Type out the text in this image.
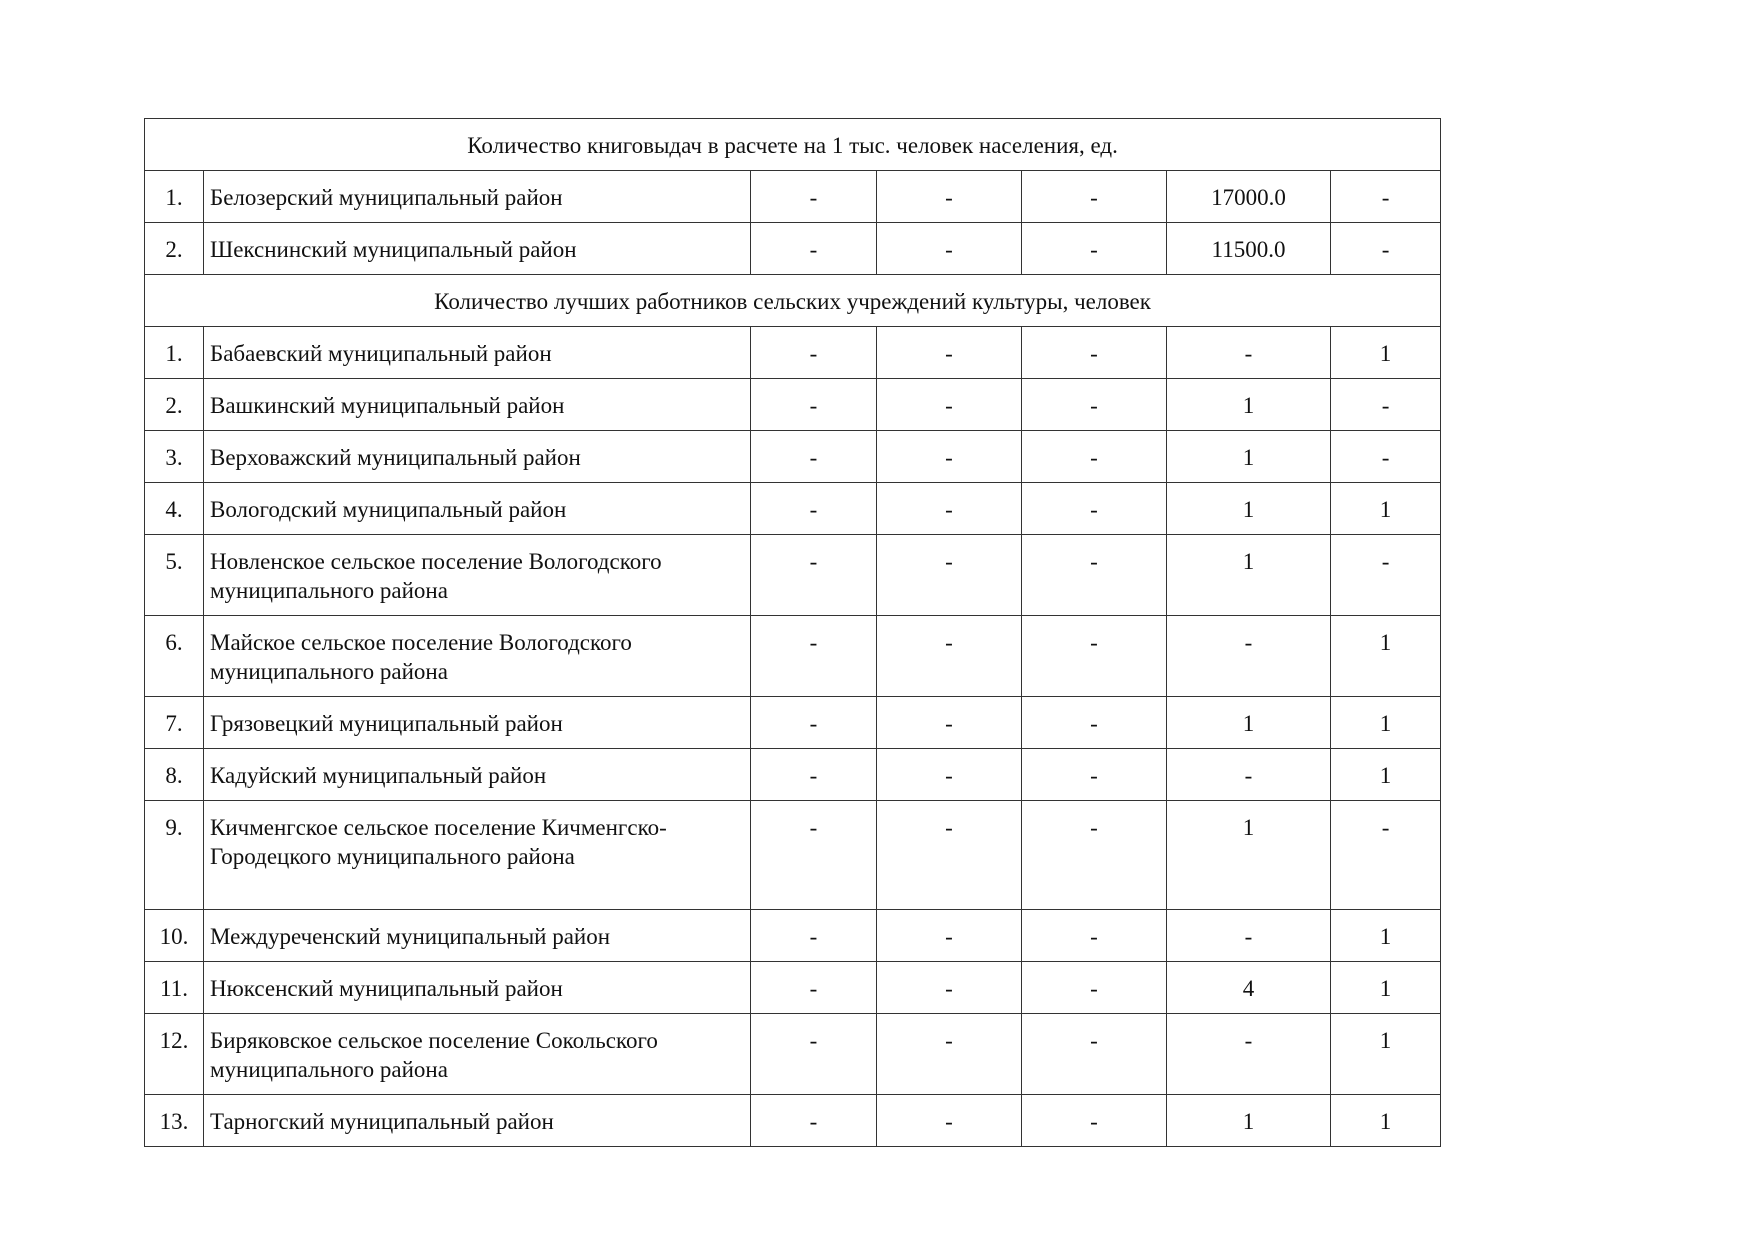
Количество книговыдач в расчете на 1 тыс. человек населения, ед.						
1.	Белозерский муниципальный район	-	-	-	17000.0	-
2.	Шекснинский муниципальный район	-	-	-	11500.0	-
Количество лучших работников сельских учреждений культуры, человек						
1.	Бабаевский муниципальный район	-	-	-	-	1
2.	Вашкинский муниципальный район	-	-	-	1	-
3.	Верховажский муниципальный район	-	-	-	1	-
4.	Вологодский муниципальный район	-	-	-	1	1
5.	Новленское сельское поселение Вологодского муниципального района	-	-	-	1	-
6.	Майское сельское поселение Вологодского муниципального района	-	-	-	-	1
7.	Грязовецкий муниципальный район	-	-	-	1	1
8.	Кадуйский муниципальный район	-	-	-	-	1
9.	Кичменгское сельское поселение Кичменгско-Городецкого муниципального района	-	-	-	1	-
10.	Междуреченский муниципальный район	-	-	-	-	1
11.	Нюксенский муниципальный район	-	-	-	4	1
12.	Биряковское сельское поселение Сокольского муниципального района	-	-	-	-	1
13.	Тарногский муниципальный район	-	-	-	1	1
